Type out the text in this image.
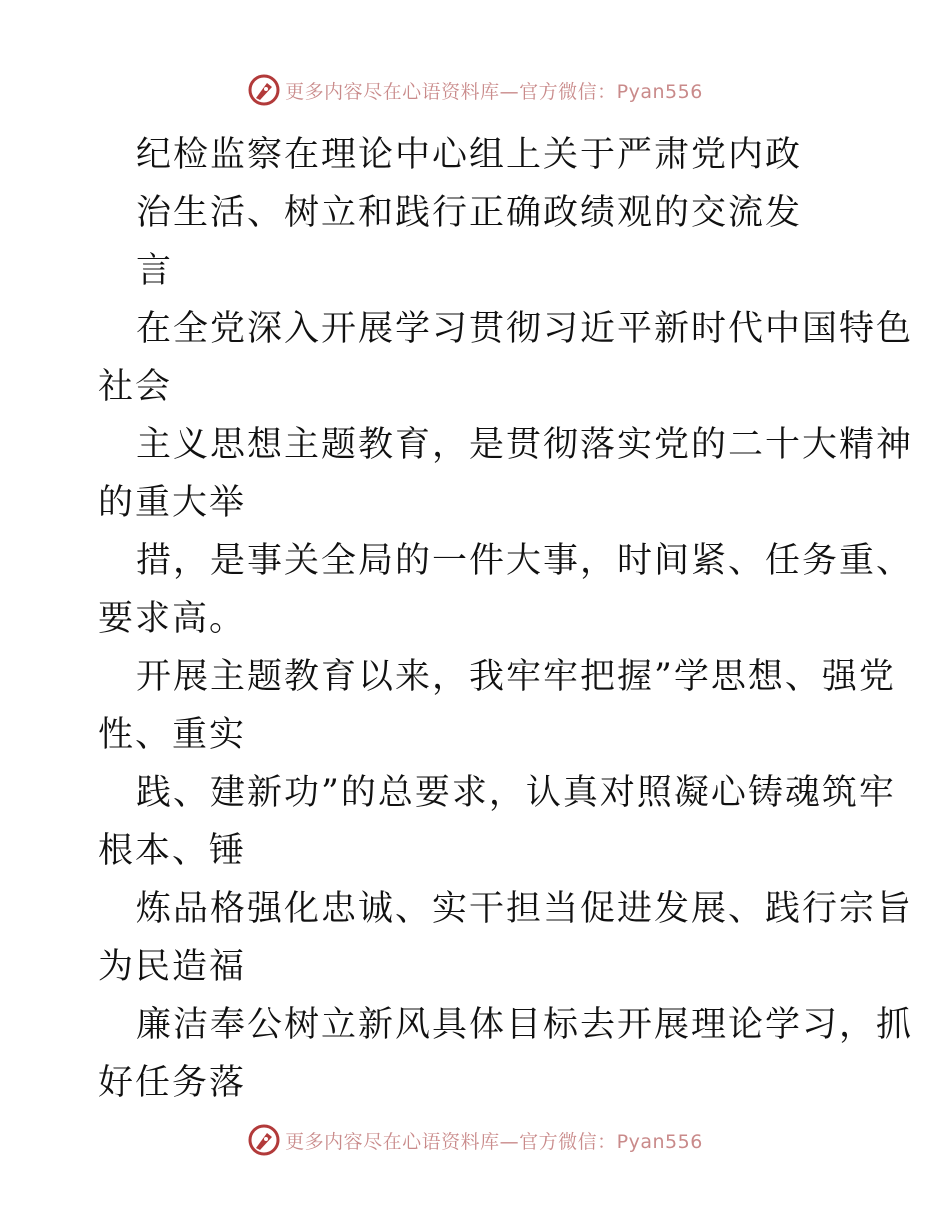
更多内容尽在心语资料库—官方微信：Pyan556
纪检监察在理论中心组上关于严肃党内政
治生活、树立和践行正确政绩观的交流发
言
在全党深入开展学习贯彻习近平新时代中国特色
社会
主义思想主题教育，是贯彻落实党的二十大精神
的重大举
措，是事关全局的一件大事，时间紧、任务重、
要求高。
开展主题教育以来，我牢牢把握”学思想、强党
性、重实
践、建新功”的总要求，认真对照凝心铸魂筑牢
根本、锤
炼品格强化忠诚、实干担当促进发展、践行宗旨
为民造福
廉洁奉公树立新风具体目标去开展理论学习，抓
好任务落
更多内容尽在心语资料库—官方微信：Pyan556
